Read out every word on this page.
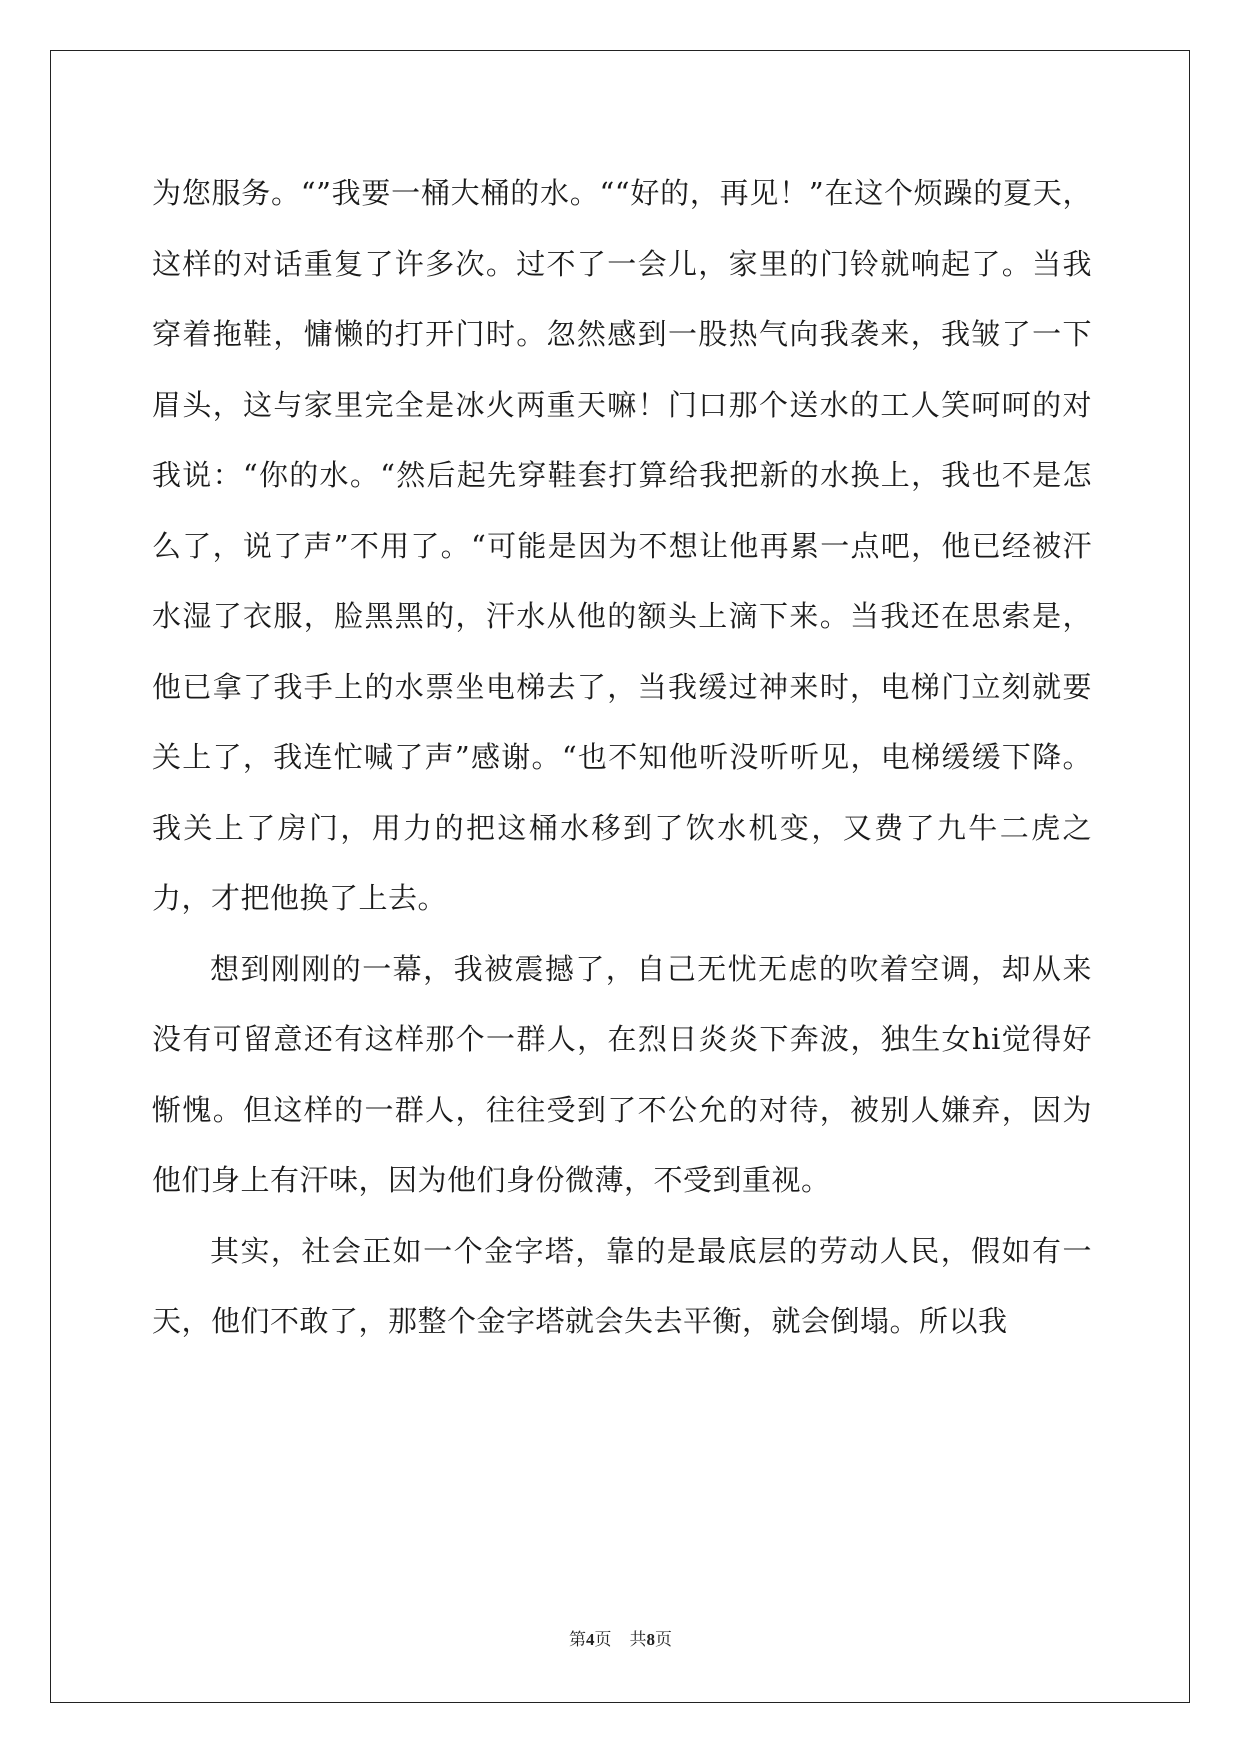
为您服务。“”我要一桶大桶的水。““好的，再见！”在这个烦躁的夏天，这样的对话重复了许多次。过不了一会儿，家里的门铃就响起了。当我穿着拖鞋，慵懒的打开门时。忽然感到一股热气向我袭来，我皱了一下眉头，这与家里完全是冰火两重天嘛！门口那个送水的工人笑呵呵的对我说：“你的水。“然后起先穿鞋套打算给我把新的水换上，我也不是怎么了，说了声”不用了。“可能是因为不想让他再累一点吧，他已经被汗水湿了衣服，脸黑黑的，汗水从他的额头上滴下来。当我还在思索是，他已拿了我手上的水票坐电梯去了，当我缓过神来时，电梯门立刻就要关上了，我连忙喊了声”感谢。“也不知他听没听听见，电梯缓缓下降。我关上了房门，用力的把这桶水移到了饮水机变，又费了九牛二虎之力，才把他换了上去。

想到刚刚的一幕，我被震撼了，自己无忧无虑的吹着空调，却从来没有可留意还有这样那个一群人，在烈日炎炎下奔波，独生女hi觉得好惭愧。但这样的一群人，往往受到了不公允的对待，被别人嫌弃，因为他们身上有汗味，因为他们身份微薄，不受到重视。

其实，社会正如一个金字塔，靠的是最底层的劳动人民，假如有一天，他们不敢了，那整个金字塔就会失去平衡，就会倒塌。所以我

第4页 共8页
